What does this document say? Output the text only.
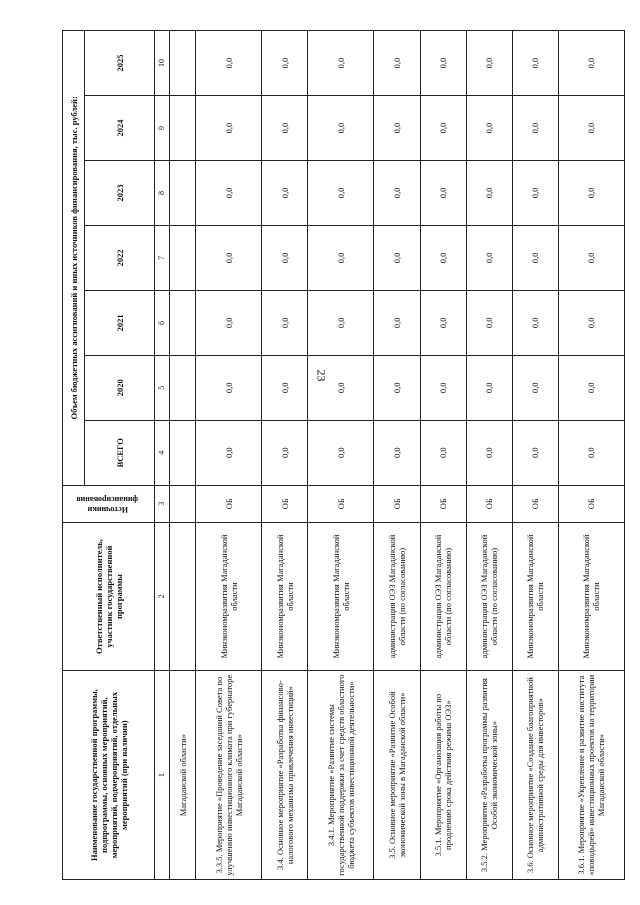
23
Наименование государственной программы, подпрограммы, основных мероприятий, мероприятий, подмероприятий, отдельных мероприятий (при наличии)	Ответственный исполнитель, участник государственной программы	Источники финансирования	Объем бюджетных ассигнований и иных источников финансирования, тыс. рублей:						
			ВСЕГО	2020	2021	2022	2023	2024	2025
1	2	3	4	5	6	7	8	9	10
Магаданской области»									
3.3.5. Мероприятие «Проведение заседаний Совета по улучшению инвестиционного климата при губернаторе Магаданской области»	Минэкономразвития Магаданской области	ОБ	0,0	0,0	0,0	0,0	0,0	0,0	0,0
3.4. Основное мероприятие «Разработка финансово-налогового механизма привлечения инвестиций»	Минэкономразвития Магаданской области	ОБ	0,0	0,0	0,0	0,0	0,0	0,0	0,0
3.4.1. Мероприятие «Развитие системы государственной поддержки за счет средств областного бюджета субъектов инвестиционной деятельности»	Минэкономразвития Магаданской области	ОБ	0,0	0,0	0,0	0,0	0,0	0,0	0,0
3.5. Основное мероприятие «Развитие Особой экономической зоны в Магаданской области»	администрация ОЭЗ Магаданской области (по согласованию)	ОБ	0,0	0,0	0,0	0,0	0,0	0,0	0,0
3.5.1. Мероприятие «Организация работы по продлению срока действия режима ОЭЗ»	администрация ОЭЗ Магаданской области (по согласованию)	ОБ	0,0	0,0	0,0	0,0	0,0	0,0	0,0
3.5.2. Мероприятие «Разработка программы развития Особой экономической зоны»	администрация ОЭЗ Магаданской области (по согласованию)	ОБ	0,0	0,0	0,0	0,0	0,0	0,0	0,0
3.6. Основное мероприятие «Создание благоприятной административной среды для инвесторов»	Минэкономразвития Магаданской области	ОБ	0,0	0,0	0,0	0,0	0,0	0,0	0,0
3.6.1. Мероприятие «Укрепление и развитие института «поводырей» инвестиционных проектов на территории Магаданской области»	Минэкономразвития Магаданской области	ОБ	0,0	0,0	0,0	0,0	0,0	0,0	0,0
